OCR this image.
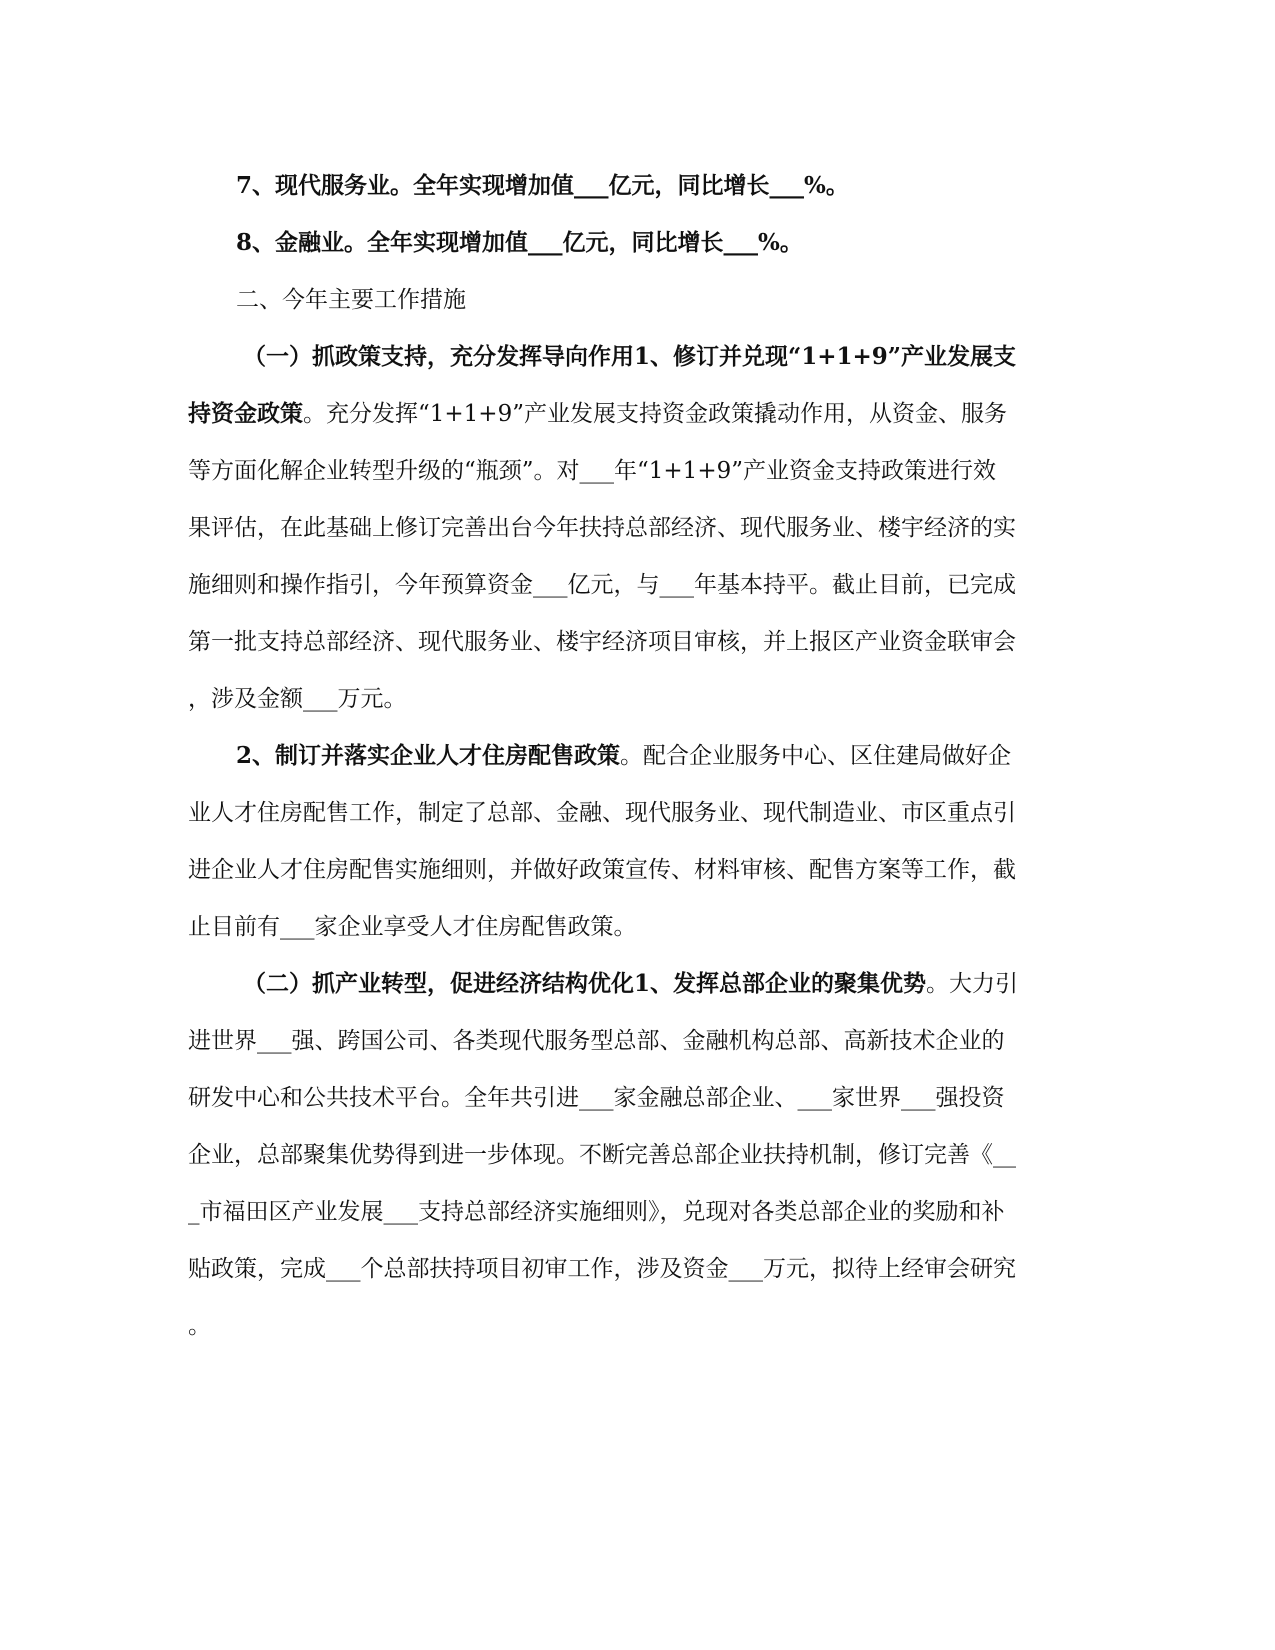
7、现代服务业。全年实现增加值___亿元，同比增长___%。
8、金融业。全年实现增加值___亿元，同比增长___%。
二、今年主要工作措施
（一）抓政策支持，充分发挥导向作用1、修订并兑现“1+1+9”产业发展支
持资金政策。充分发挥“1+1+9”产业发展支持资金政策撬动作用，从资金、服务
等方面化解企业转型升级的“瓶颈”。对___年“1+1+9”产业资金支持政策进行效
果评估，在此基础上修订完善出台今年扶持总部经济、现代服务业、楼宇经济的实
施细则和操作指引，今年预算资金___亿元，与___年基本持平。截止目前，已完成
第一批支持总部经济、现代服务业、楼宇经济项目审核，并上报区产业资金联审会
，涉及金额___万元。
2、制订并落实企业人才住房配售政策。配合企业服务中心、区住建局做好企
业人才住房配售工作，制定了总部、金融、现代服务业、现代制造业、市区重点引
进企业人才住房配售实施细则，并做好政策宣传、材料审核、配售方案等工作，截
止目前有___家企业享受人才住房配售政策。
（二）抓产业转型，促进经济结构优化1、发挥总部企业的聚集优势。大力引
进世界___强、跨国公司、各类现代服务型总部、金融机构总部、高新技术企业的
研发中心和公共技术平台。全年共引进___家金融总部企业、___家世界___强投资
企业，总部聚集优势得到进一步体现。不断完善总部企业扶持机制，修订完善《__
_市福田区产业发展___支持总部经济实施细则》，兑现对各类总部企业的奖励和补
贴政策，完成___个总部扶持项目初审工作，涉及资金___万元，拟待上经审会研究
。
